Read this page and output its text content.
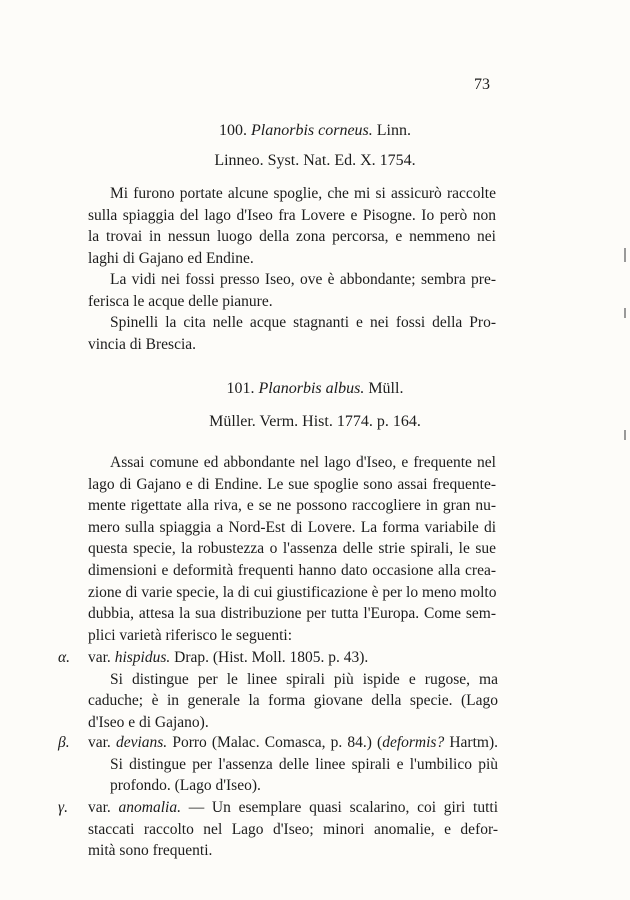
73
100. Planorbis corneus. Linn.
Linneo. Syst. Nat. Ed. X. 1754.
Mi furono portate alcune spoglie, che mi si assicurò raccolte
sulla spiaggia del lago d'Iseo fra Lovere e Pisogne. Io però non
la trovai in nessun luogo della zona percorsa, e nemmeno nei
laghi di Gajano ed Endine.
La vidi nei fossi presso Iseo, ove è abbondante; sembra pre-
ferisca le acque delle pianure.
Spinelli la cita nelle acque stagnanti e nei fossi della Pro-
vincia di Brescia.
101. Planorbis albus. Müll.
Müller. Verm. Hist. 1774. p. 164.
Assai comune ed abbondante nel lago d'Iseo, e frequente nel
lago di Gajano e di Endine. Le sue spoglie sono assai frequente-
mente rigettate alla riva, e se ne possono raccogliere in gran nu-
mero sulla spiaggia a Nord-Est di Lovere. La forma variabile di
questa specie, la robustezza o l'assenza delle strie spirali, le sue
dimensioni e deformità frequenti hanno dato occasione alla crea-
zione di varie specie, la di cui giustificazione è per lo meno molto
dubbia, attesa la sua distribuzione per tutta l'Europa. Come sem-
plici varietà riferisco le seguenti:
α.	var. hispidus. Drap. (Hist. Moll. 1805. p. 43).
Si distingue per le linee spirali più ispide e rugose, ma
caduche; è in generale la forma giovane della specie. (Lago
d'Iseo e di Gajano).
β.	var. devians. Porro (Malac. Comasca, p. 84.) (deformis? Hartm).
Si distingue per l'assenza delle linee spirali e l'umbilico più
profondo. (Lago d'Iseo).
γ.	var. anomalia. — Un esemplare quasi scalarino, coi giri tutti
staccati raccolto nel Lago d'Iseo; minori anomalie, e defor-
mità sono frequenti.
